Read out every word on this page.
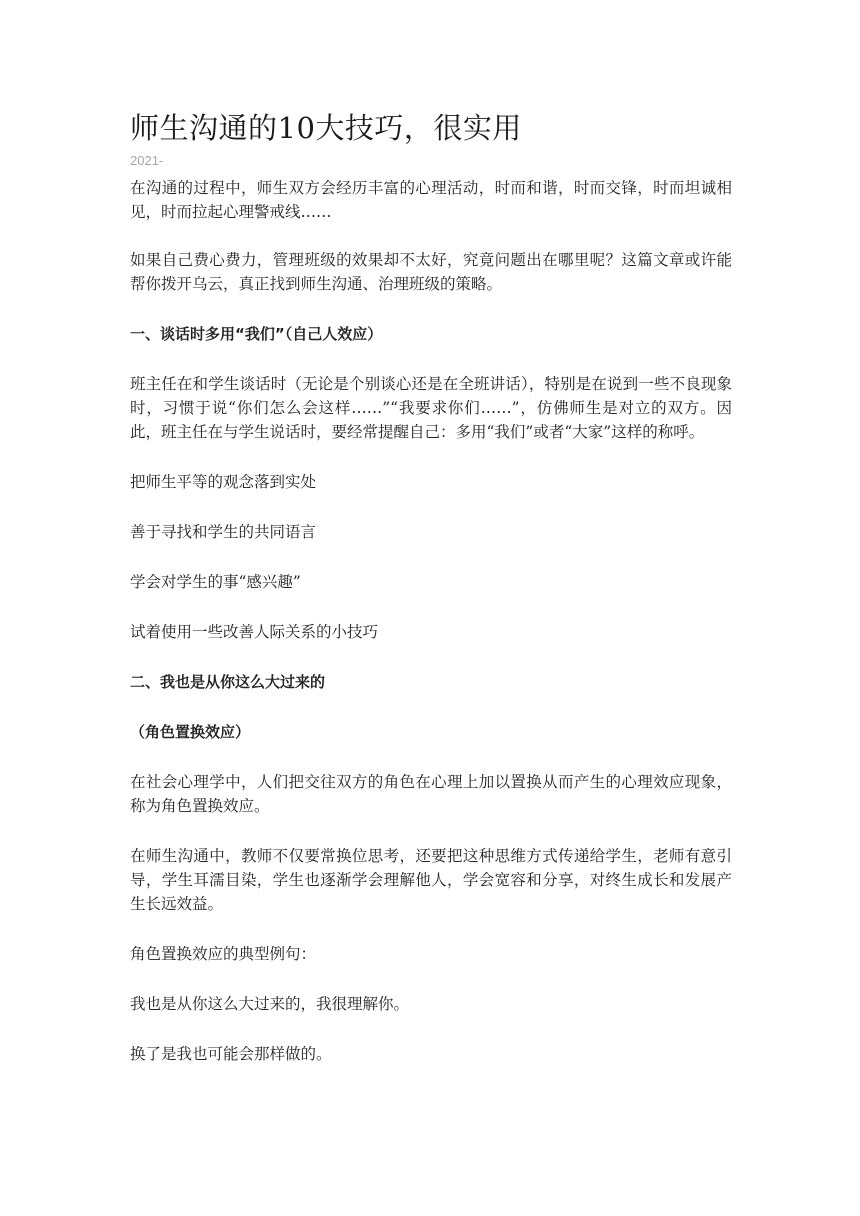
师生沟通的10大技巧，很实用
2021-

在沟通的过程中，师生双方会经历丰富的心理活动，时而和谐，时而交锋，时而坦诚相见，时而拉起心理警戒线……

如果自己费心费力，管理班级的效果却不太好，究竟问题出在哪里呢？这篇文章或许能帮你拨开乌云，真正找到师生沟通、治理班级的策略。

一、谈话时多用“我们”（自己人效应）

班主任在和学生谈话时（无论是个别谈心还是在全班讲话），特别是在说到一些不良现象时，习惯于说“你们怎么会这样……”“我要求你们……”，仿佛师生是对立的双方。因此，班主任在与学生说话时，要经常提醒自己：多用“我们”或者“大家”这样的称呼。

把师生平等的观念落到实处

善于寻找和学生的共同语言

学会对学生的事“感兴趣”

试着使用一些改善人际关系的小技巧

二、我也是从你这么大过来的
（角色置换效应）

在社会心理学中，人们把交往双方的角色在心理上加以置换从而产生的心理效应现象，称为角色置换效应。

在师生沟通中，教师不仅要常换位思考，还要把这种思维方式传递给学生，老师有意引导，学生耳濡目染，学生也逐渐学会理解他人，学会宽容和分享，对终生成长和发展产生长远效益。

角色置换效应的典型例句：

我也是从你这么大过来的，我很理解你。

换了是我也可能会那样做的。
